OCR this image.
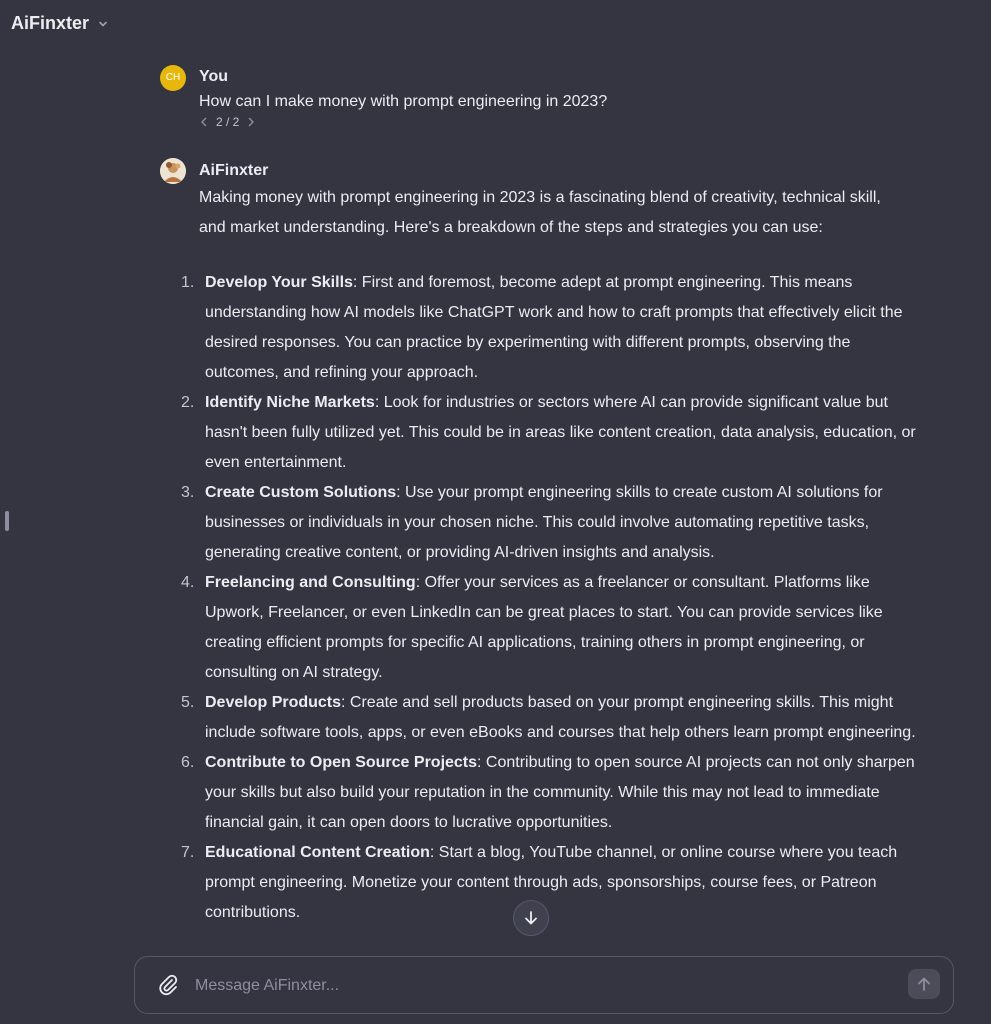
AiFinxter
CH	You
How can I make money with prompt engineering in 2023?
2 / 2
AiFinxter
Making money with prompt engineering in 2023 is a fascinating blend of creativity, technical skill,
and market understanding. Here's a breakdown of the steps and strategies you can use:
1. Develop Your Skills: First and foremost, become adept at prompt engineering. This means understanding how AI models like ChatGPT work and how to craft prompts that effectively elicit the desired responses. You can practice by experimenting with different prompts, observing the outcomes, and refining your approach.
2. Identify Niche Markets: Look for industries or sectors where AI can provide significant value but hasn't been fully utilized yet. This could be in areas like content creation, data analysis, education, or even entertainment.
3. Create Custom Solutions: Use your prompt engineering skills to create custom AI solutions for businesses or individuals in your chosen niche. This could involve automating repetitive tasks, generating creative content, or providing AI-driven insights and analysis.
4. Freelancing and Consulting: Offer your services as a freelancer or consultant. Platforms like Upwork, Freelancer, or even LinkedIn can be great places to start. You can provide services like creating efficient prompts for specific AI applications, training others in prompt engineering, or consulting on AI strategy.
5. Develop Products: Create and sell products based on your prompt engineering skills. This might include software tools, apps, or even eBooks and courses that help others learn prompt engineering.
6. Contribute to Open Source Projects: Contributing to open source AI projects can not only sharpen your skills but also build your reputation in the community. While this may not lead to immediate financial gain, it can open doors to lucrative opportunities.
7. Educational Content Creation: Start a blog, YouTube channel, or online course where you teach prompt engineering. Monetize your content through ads, sponsorships, course fees, or Patreon contributions.
Message AiFinxter...
